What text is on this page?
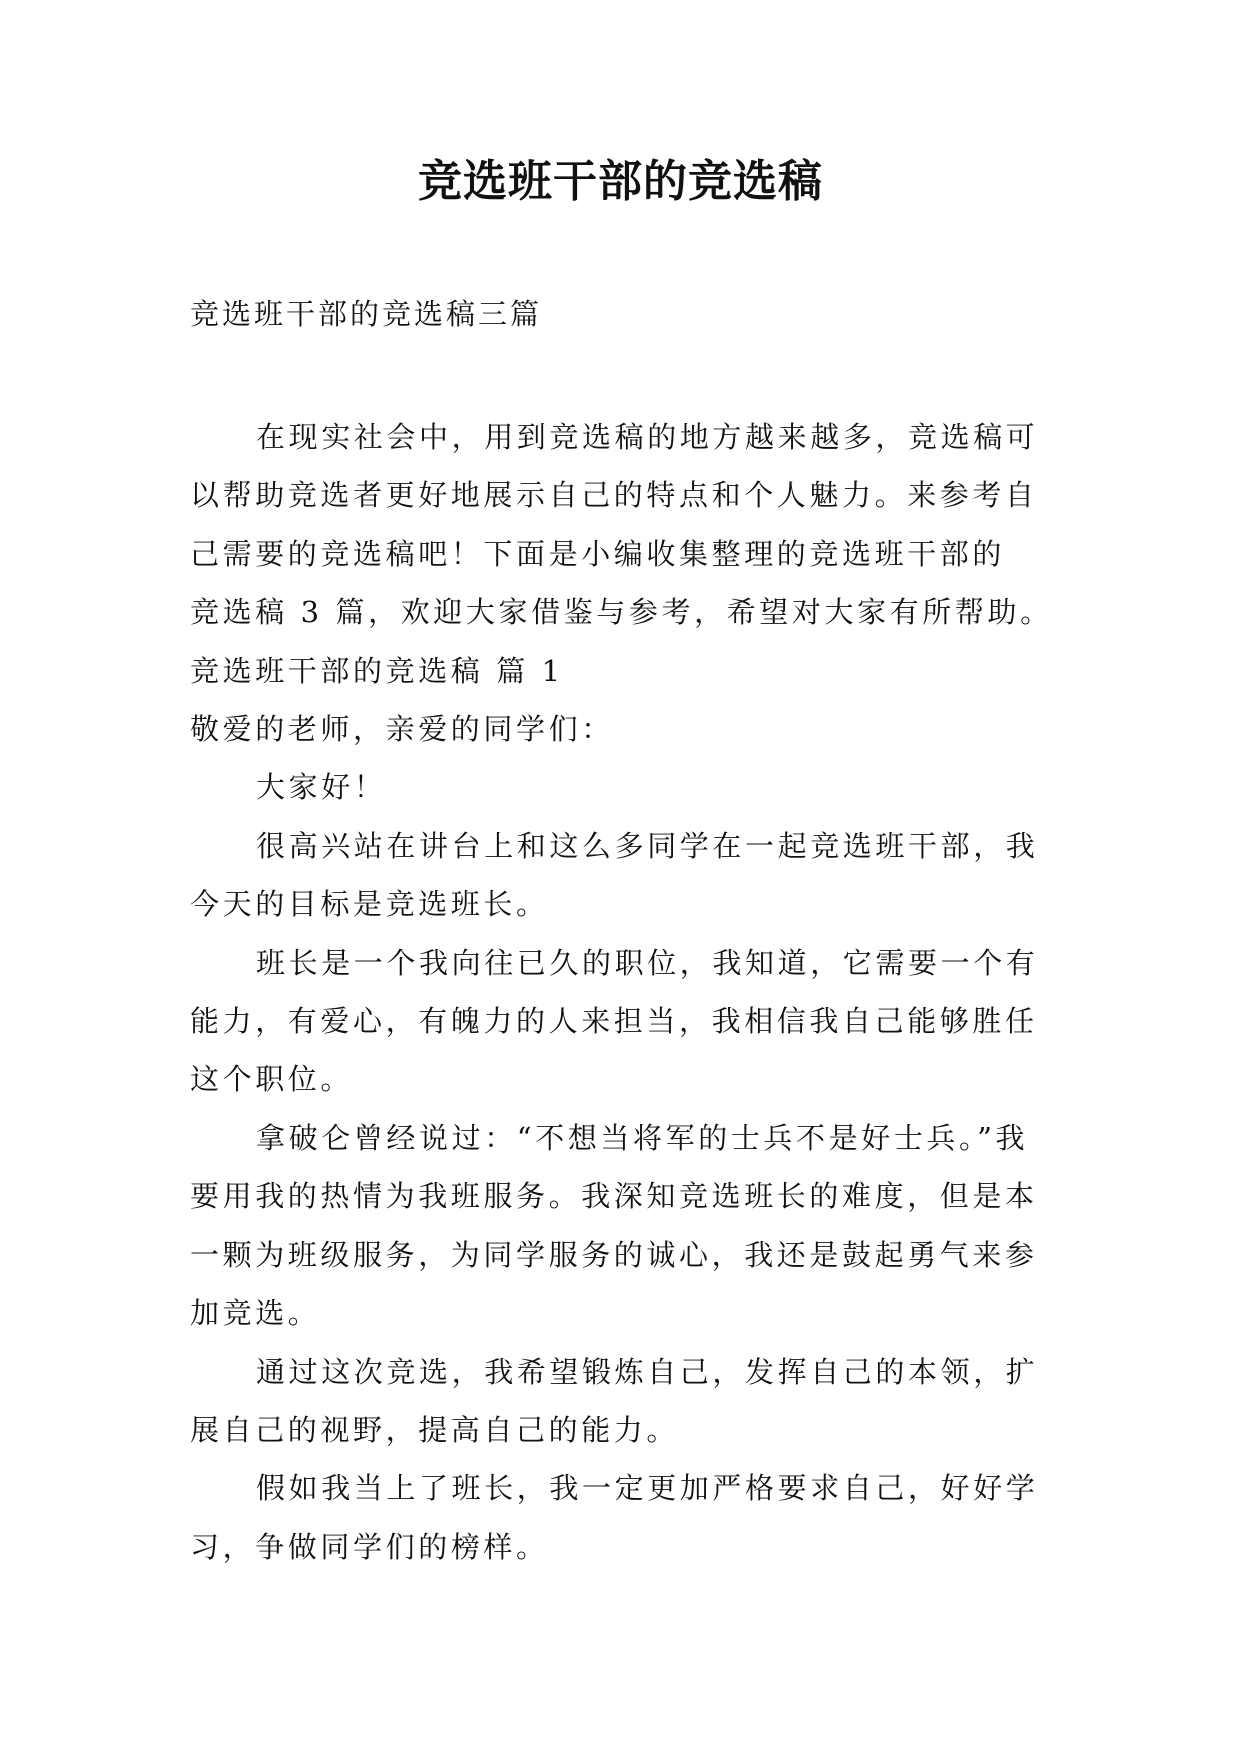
竞选班干部的竞选稿

竞选班干部的竞选稿三篇

在现实社会中，用到竞选稿的地方越来越多，竞选稿可

以帮助竞选者更好地展示自己的特点和个人魅力。来参考自

己需要的竞选稿吧！下面是小编收集整理的竞选班干部的

竞选稿 3 篇，欢迎大家借鉴与参考，希望对大家有所帮助。

竞选班干部的竞选稿 篇 1

敬爱的老师，亲爱的同学们：

大家好！

很高兴站在讲台上和这么多同学在一起竞选班干部，我

今天的目标是竞选班长。

班长是一个我向往已久的职位，我知道，它需要一个有

能力，有爱心，有魄力的人来担当，我相信我自己能够胜任

这个职位。

拿破仑曾经说过：“不想当将军的士兵不是好士兵。”我

要用我的热情为我班服务。我深知竞选班长的难度，但是本

一颗为班级服务，为同学服务的诚心，我还是鼓起勇气来参

加竞选。

通过这次竞选，我希望锻炼自己，发挥自己的本领，扩

展自己的视野，提高自己的能力。

假如我当上了班长，我一定更加严格要求自己，好好学

习，争做同学们的榜样。
